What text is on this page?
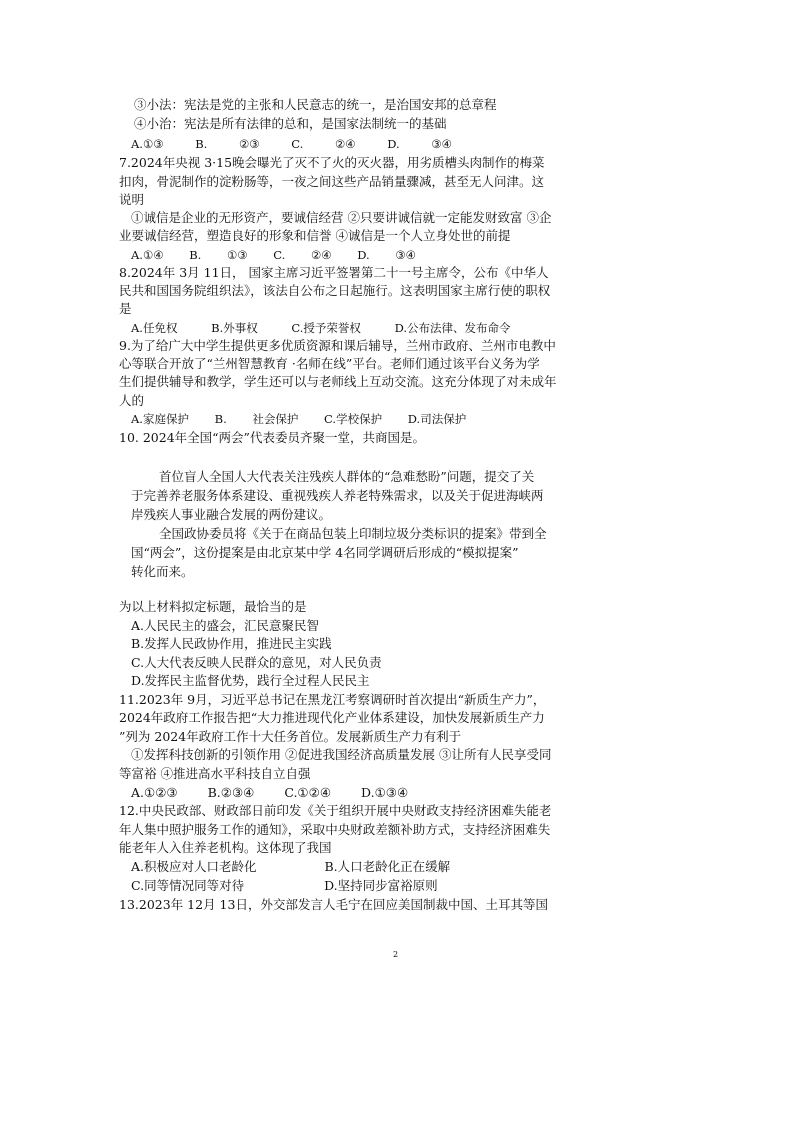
③小法：宪法是党的主张和人民意志的统一，是治国安邦的总章程
④小治：宪法是所有法律的总和，是国家法制统一的基础
A.①③ B. ②③ C. ②④ D. ③④
7.2024年央视 3·15晚会曝光了灭不了火的灭火器，用劣质槽头肉制作的梅菜
扣肉，骨泥制作的淀粉肠等，一夜之间这些产品销量骤减，甚至无人问津。这
说明
①诚信是企业的无形资产，要诚信经营 ②只要讲诚信就一定能发财致富 ③企
业要诚信经营，塑造良好的形象和信誉 ④诚信是一个人立身处世的前提
A.①④ B. ①③ C. ②④ D. ③④
8.2024年 3月 11日， 国家主席习近平签署第二十一号主席令，公布《中华人
民共和国国务院组织法》，该法自公布之日起施行。这表明国家主席行使的职权
是
A.任免权 B.外事权 C.授予荣誉权 D.公布法律、发布命令
9.为了给广大中学生提供更多优质资源和课后辅导，兰州市政府、兰州市电教中
心等联合开放了“兰州智慧教育 ·名师在线”平台。老师们通过该平台义务为学
生们提供辅导和教学，学生还可以与老师线上互动交流。这充分体现了对未成年
人的
A.家庭保护 B. 社会保护 C.学校保护 D.司法保护
10. 2024年全国“两会”代表委员齐聚一堂，共商国是。
首位盲人全国人大代表关注残疾人群体的“急难愁盼”问题，提交了关
于完善养老服务体系建设、重视残疾人养老特殊需求，以及关于促进海峡两
岸残疾人事业融合发展的两份建议。
全国政协委员将《关于在商品包装上印制垃圾分类标识的提案》带到全
国“两会”，这份提案是由北京某中学 4名同学调研后形成的“模拟提案”
转化而来。
为以上材料拟定标题，最恰当的是
A.人民民主的盛会，汇民意聚民智
B.发挥人民政协作用，推进民主实践
C.人大代表反映人民群众的意见，对人民负责
D.发挥民主监督优势，践行全过程人民民主
11.2023年 9月，习近平总书记在黑龙江考察调研时首次提出“新质生产力”，
2024年政府工作报告把“大力推进现代化产业体系建设，加快发展新质生产力
”列为 2024年政府工作十大任务首位。发展新质生产力有利于
①发挥科技创新的引领作用 ②促进我国经济高质量发展 ③让所有人民享受同
等富裕 ④推进高水平科技自立自强
A.①②③ B.②③④ C.①②④ D.①③④
12.中央民政部、财政部日前印发《关于组织开展中央财政支持经济困难失能老
年人集中照护服务工作的通知》，采取中央财政差额补助方式，支持经济困难失
能老年人入住养老机构。这体现了我国
A.积极应对人口老龄化 B.人口老龄化正在缓解
C.同等情况同等对待 D.坚持同步富裕原则
13.2023年 12月 13日，外交部发言人毛宁在回应美国制裁中国、土耳其等国
2
